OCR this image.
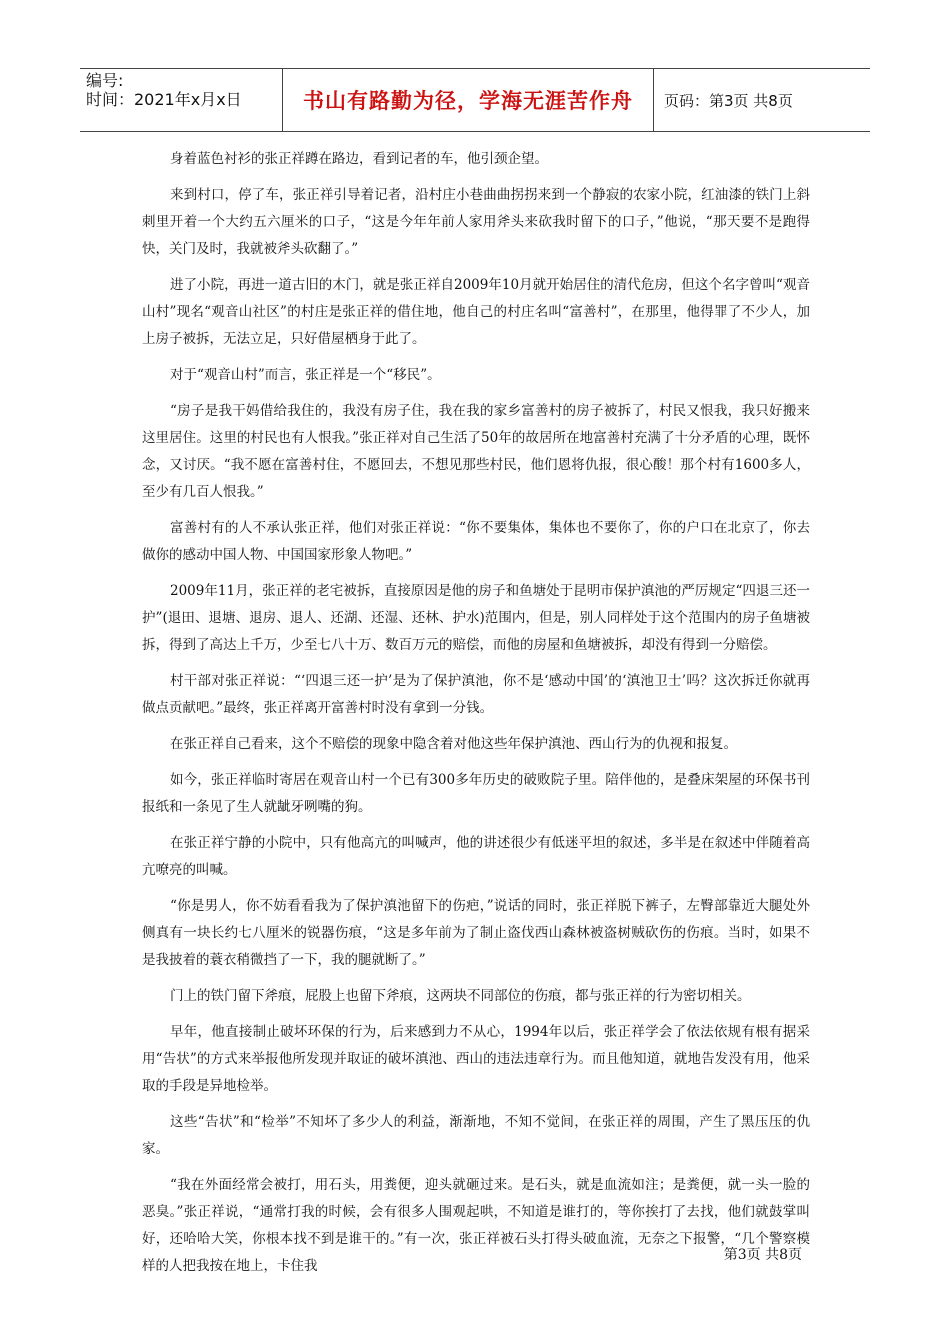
编号:
时间：2021年x月x日	书山有路勤为径，学海无涯苦作舟 页码：第3页 共8页

身着蓝色衬衫的张正祥蹲在路边，看到记者的车，他引颈企望。

来到村口，停了车，张正祥引导着记者，沿村庄小巷曲曲拐拐来到一个静寂的农家小院，红油漆的铁门上斜刺里开着一个大约五六厘米的口子，“这是今年年前人家用斧头来砍我时留下的口子，”他说，“那天要不是跑得快，关门及时，我就被斧头砍翻了。”

进了小院，再进一道古旧的木门，就是张正祥自2009年10月就开始居住的清代危房，但这个名字曾叫“观音山村”现名“观音山社区”的村庄是张正祥的借住地，他自己的村庄名叫“富善村”，在那里，他得罪了不少人，加上房子被拆，无法立足，只好借屋栖身于此了。

对于“观音山村”而言，张正祥是一个“移民”。

“房子是我干妈借给我住的，我没有房子住，我在我的家乡富善村的房子被拆了，村民又恨我，我只好搬来这里居住。这里的村民也有人恨我。”张正祥对自己生活了50年的故居所在地富善村充满了十分矛盾的心理，既怀念，又讨厌。“我不愿在富善村住，不愿回去，不想见那些村民，他们恩将仇报，很心酸！那个村有1600多人，至少有几百人恨我。”

富善村有的人不承认张正祥，他们对张正祥说：“你不要集体，集体也不要你了，你的户口在北京了，你去做你的感动中国人物、中国国家形象人物吧。”

2009年11月，张正祥的老宅被拆，直接原因是他的房子和鱼塘处于昆明市保护滇池的严厉规定“四退三还一护”(退田、退塘、退房、退人、还湖、还湿、还林、护水)范围内，但是，别人同样处于这个范围内的房子鱼塘被拆，得到了高达上千万，少至七八十万、数百万元的赔偿，而他的房屋和鱼塘被拆，却没有得到一分赔偿。

村干部对张正祥说：“‘四退三还一护’是为了保护滇池，你不是‘感动中国’的‘滇池卫士’吗？这次拆迁你就再做点贡献吧。”最终，张正祥离开富善村时没有拿到一分钱。

在张正祥自己看来，这个不赔偿的现象中隐含着对他这些年保护滇池、西山行为的仇视和报复。

如今，张正祥临时寄居在观音山村一个已有300多年历史的破败院子里。陪伴他的，是叠床架屋的环保书刊报纸和一条见了生人就龇牙咧嘴的狗。

在张正祥宁静的小院中，只有他高亢的叫喊声，他的讲述很少有低迷平坦的叙述，多半是在叙述中伴随着高亢嘹亮的叫喊。

“你是男人，你不妨看看我为了保护滇池留下的伤疤，”说话的同时，张正祥脱下裤子，左臀部靠近大腿处外侧真有一块长约七八厘米的锐器伤痕，“这是多年前为了制止盗伐西山森林被盗树贼砍伤的伤痕。当时，如果不是我披着的蓑衣稍微挡了一下，我的腿就断了。”

门上的铁门留下斧痕，屁股上也留下斧痕，这两块不同部位的伤痕，都与张正祥的行为密切相关。

早年，他直接制止破坏环保的行为，后来感到力不从心，1994年以后，张正祥学会了依法依规有根有据采用“告状”的方式来举报他所发现并取证的破坏滇池、西山的违法违章行为。而且他知道，就地告发没有用，他采取的手段是异地检举。

这些“告状”和“检举”不知坏了多少人的利益，渐渐地，不知不觉间，在张正祥的周围，产生了黑压压的仇家。

“我在外面经常会被打，用石头，用粪便，迎头就砸过来。是石头，就是血流如注；是粪便，就一头一脸的恶臭。”张正祥说，“通常打我的时候，会有很多人围观起哄，不知道是谁打的，等你挨打了去找，他们就鼓掌叫好，还哈哈大笑，你根本找不到是谁干的。”有一次，张正祥被石头打得头破血流，无奈之下报警，“几个警察模样的人把我按在地上，卡住我

第3页 共8页
